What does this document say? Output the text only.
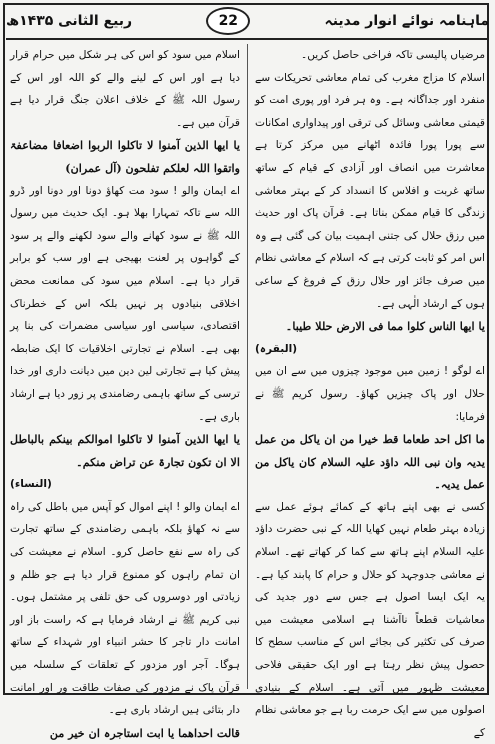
ماہنامہ نوائے انوار مدینہ
22
ربیع الثانی ۱۴۳۵ھ

مرضیاں پالیسی تاکہ فراخی حاصل کریں۔

اسلام کا مزاج مغرب کی تمام معاشی تحریکات سے منفرد اور جداگانہ ہے۔ وہ ہر فرد اور پوری امت کو قیمتی معاشی وسائل کی ترقی اور پیداواری امکانات سے پورا پورا فائدہ اٹھانے میں مرکز کرتا ہے معاشرت میں انصاف اور آزادی کے قیام کے ساتھ ساتھ غربت و افلاس کا انسداد کر کے بہتر معاشی زندگی کا قیام ممکن بناتا ہے۔ قرآن پاک اور حدیث میں رزق حلال کی جتنی اہمیت بیان کی گئی ہے وہ اس امر کو ثابت کرتی ہے کہ اسلام کے معاشی نظام میں صرف جائز اور حلال رزق کے فروغ کے ساعی ہوں کے ارشاد الٰہی ہے۔

یا ایھا الناس کلوا مما فی الارض حللا طیبا۔

(البقرہ)

اے لوگو ! زمین میں موجود چیزوں میں سے ان میں حلال اور پاک چیزیں کھاؤ۔ رسول کریم ﷺ نے فرمایا:

ما اکل احد طعاما قط خیرا من ان یاکل من عمل یدیہ وان نبی اللہ داؤد علیہ السلام کان یاکل من عمل یدیہ۔

کسی نے بھی اپنے ہاتھ کے کمائے ہوئے عمل سے زیادہ بہتر طعام نہیں کھایا اللہ کے نبی حضرت داؤد علیہ السلام اپنے ہاتھ سے کما کر کھاتے تھے۔ اسلام نے معاشی جدوجہد کو حلال و حرام کا پابند کیا ہے۔ یہ ایک ایسا اصول ہے جس سے دور جدید کی معاشیات قطعاً ناآشنا ہے اسلامی معیشت میں صرف کی تکثیر کی بجائے اس کے مناسب سطح کا حصول پیش نظر رہتا ہے اور ایک حقیقی فلاحی معیشت ظہور میں آتی ہے۔ اسلام کے بنیادی اصولوں میں سے ایک حرمت ربا ہے جو معاشی نظام کے

اسلام میں سود کو اس کی ہر شکل میں حرام قرار دیا ہے اور اس کے لینے والے کو اللہ اور اس کے رسول اللہ ﷺ کے خلاف اعلان جنگ قرار دیا ہے قرآن میں ہے۔

یا ایھا الذین آمنوا لا تاکلوا الربوا اضعافا مضاعفۃ واتقوا اللہ لعلکم تفلحون (آل عمران)

اے ایمان والو ! سود مت کھاؤ دونا اور دونا اور ڈرو اللہ سے تاکہ تمہارا بھلا ہو۔ ایک حدیث میں رسول اللہ ﷺ نے سود کھانے والے سود لکھنے والے پر سود کے گواہوں پر لعنت بھیجی ہے اور سب کو برابر قرار دیا ہے۔ اسلام میں سود کی ممانعت محض اخلاقی بنیادوں پر نہیں بلکہ اس کے خطرناک اقتصادی، سیاسی اور سیاسی مضمرات کی بنا پر بھی ہے۔ اسلام نے تجارتی اخلاقیات کا ایک ضابطہ پیش کیا ہے تجارتی لین دین میں دیانت داری اور خدا ترسی کے ساتھ باہمی رضامندی پر زور دیا ہے ارشاد باری ہے۔

یا ایھا الذین آمنوا لا تاکلوا اموالکم بینکم بالباطل الا ان تکون تجارۃ عن تراض منکم۔

(النساء)

اے ایمان والو ! اپنے اموال کو آپس میں باطل کی راہ سے نہ کھاؤ بلکہ باہمی رضامندی کے ساتھ تجارت کی راہ سے نفع حاصل کرو۔ اسلام نے معیشت کی ان تمام راہوں کو ممنوع قرار دیا ہے جو ظلم و زیادتی اور دوسروں کی حق تلفی پر مشتمل ہوں۔ نبی کریم ﷺ نے ارشاد فرمایا ہے کہ راست باز اور امانت دار تاجر کا حشر انبیاء اور شہداء کے ساتھ ہوگا۔ آجر اور مزدور کے تعلقات کے سلسلہ میں قرآن پاک نے مزدور کی صفات طاقت ور اور امانت دار بتائی ہیں ارشاد باری ہے۔

قالت احداھما یا ابت استاجرہ ان خیر من
